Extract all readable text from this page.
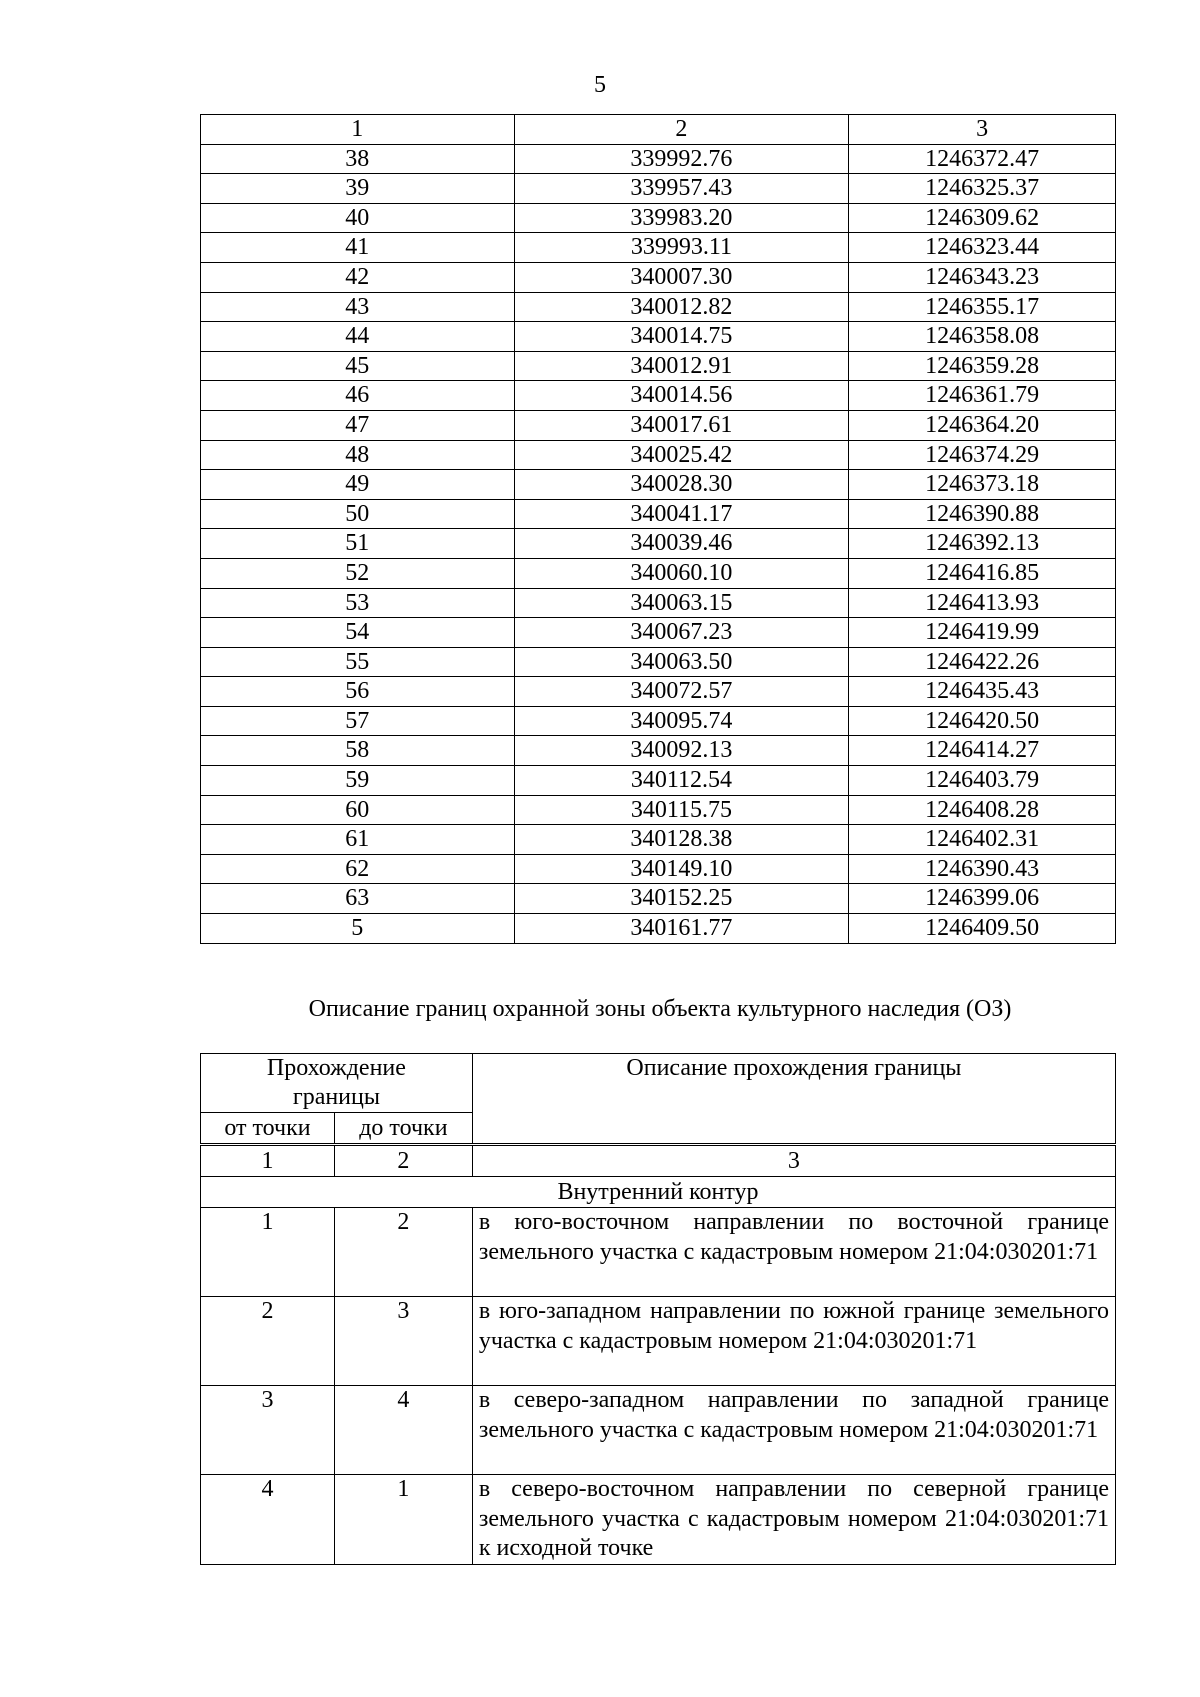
5
1	2	3
38	339992.76	1246372.47
39	339957.43	1246325.37
40	339983.20	1246309.62
41	339993.11	1246323.44
42	340007.30	1246343.23
43	340012.82	1246355.17
44	340014.75	1246358.08
45	340012.91	1246359.28
46	340014.56	1246361.79
47	340017.61	1246364.20
48	340025.42	1246374.29
49	340028.30	1246373.18
50	340041.17	1246390.88
51	340039.46	1246392.13
52	340060.10	1246416.85
53	340063.15	1246413.93
54	340067.23	1246419.99
55	340063.50	1246422.26
56	340072.57	1246435.43
57	340095.74	1246420.50
58	340092.13	1246414.27
59	340112.54	1246403.79
60	340115.75	1246408.28
61	340128.38	1246402.31
62	340149.10	1246390.43
63	340152.25	1246399.06
5	340161.77	1246409.50
Описание границ охранной зоны объекта культурного наследия (ОЗ)
Прохождение границы		Описание прохождения границы
от точки	до точки	
1	2	3
Внутренний контур		
1	2	в юго-восточном направлении по восточной границе земельного участка с кадастровым номером 21:04:030201:71
2	3	в юго-западном направлении по южной границе земельного участка с кадастровым номером 21:04:030201:71
3	4	в северо-западном направлении по западной границе земельного участка с кадастровым номером 21:04:030201:71
4	1	в северо-восточном направлении по северной границе земельного участка с кадастровым номером 21:04:030201:71 к исходной точке
